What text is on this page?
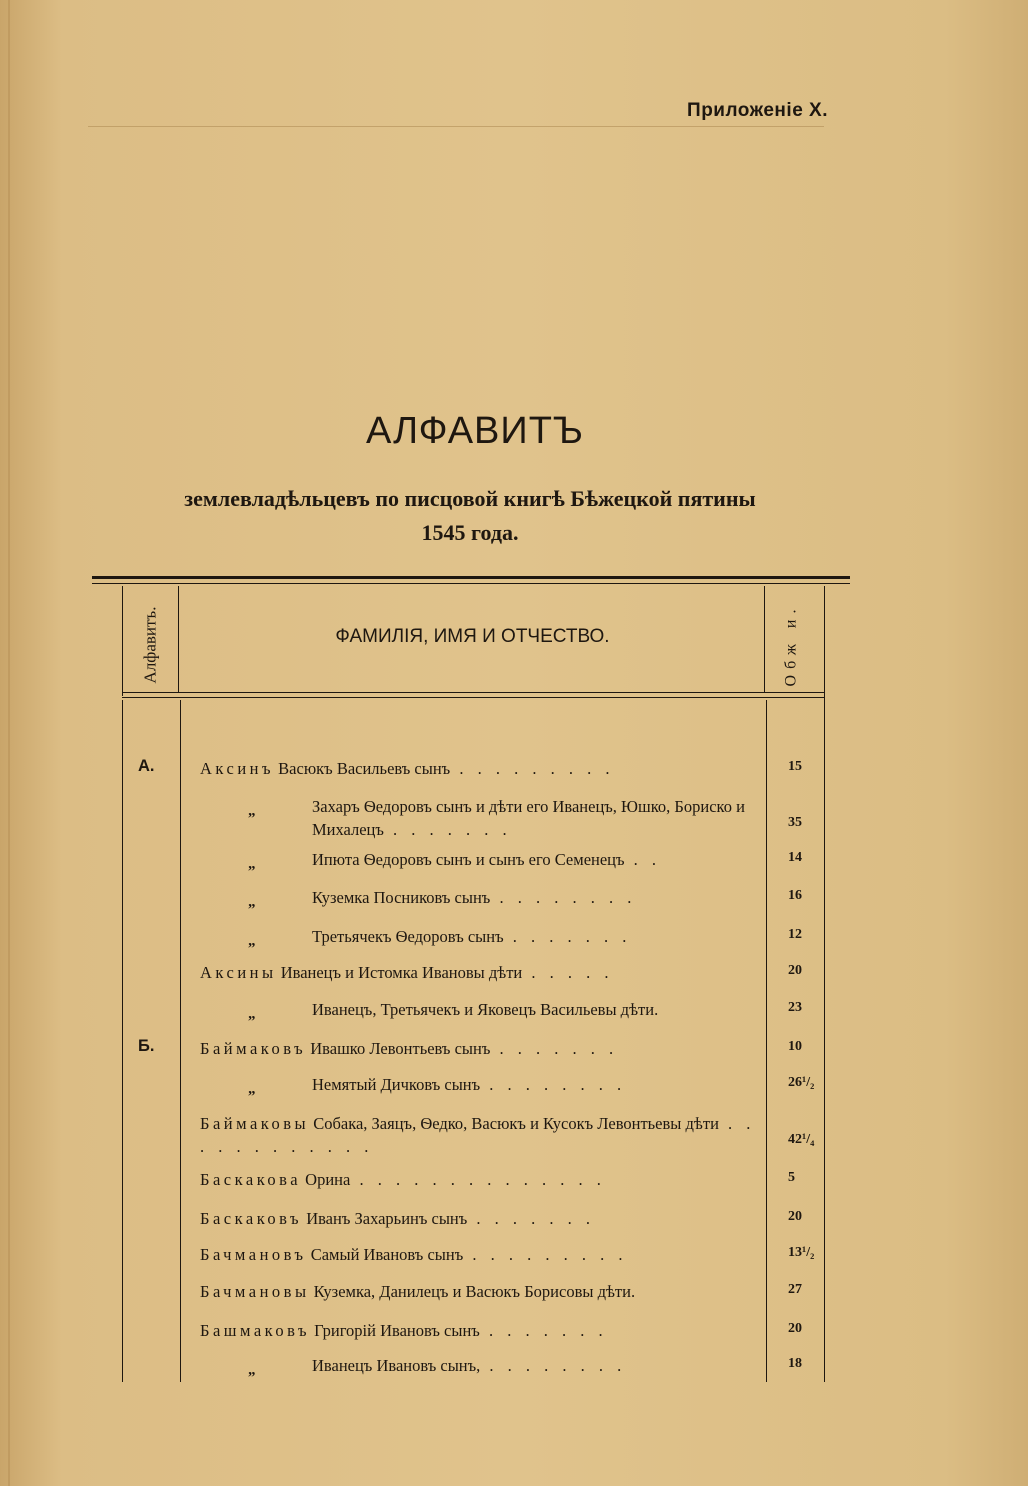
Приложеніе X.
АЛФАВИТЪ
землевладѣльцевъ по писцовой книгѣ Бѣжецкой пятины
1545 года.
Алфавитъ.	ФАМИЛІЯ, ИМЯ И ОТЧЕСТВО.	Обж и.
А.	Аксинъ Васюкъ Васильевъ сынъ . . . . . . . . .	15
„	Захаръ Ѳедоровъ сынъ и дѣти его Иванецъ, Юшко, Бориско и Михалецъ . . . . . . .	35
„	Ипюта Ѳедоровъ сынъ и сынъ его Семенецъ . .	14
„	Куземка Посниковъ сынъ . . . . . . . .	16
„	Третьячекъ Ѳедоровъ сынъ . . . . . . .	12
Аксины Иванецъ и Истомка Ивановы дѣти . . . . .	20
„	Иванецъ, Третьячекъ и Яковецъ Васильевы дѣти.	23
Б.	Баймаковъ Ивашко Левонтьевъ сынъ . . . . . . .	10
„	Немятый Дичковъ сынъ . . . . . . . .	26¹/₂
Баймаковы Собака, Заяцъ, Ѳедко, Васюкъ и Кусокъ Левонтьевы дѣти . . . . . . . . . . . .	42¹/₄
Баскакова Орина . . . . . . . . . . . . . .	5
Баскаковъ Иванъ Захарьинъ сынъ . . . . . . .	20
Бачмановъ Самый Ивановъ сынъ . . . . . . . . .	13¹/₂
Бачмановы Куземка, Данилецъ и Васюкъ Борисовы дѣти.	27
Башмаковъ Григорій Ивановъ сынъ . . . . . . .	20
„	Иванецъ Ивановъ сынъ, . . . . . . . .	18
